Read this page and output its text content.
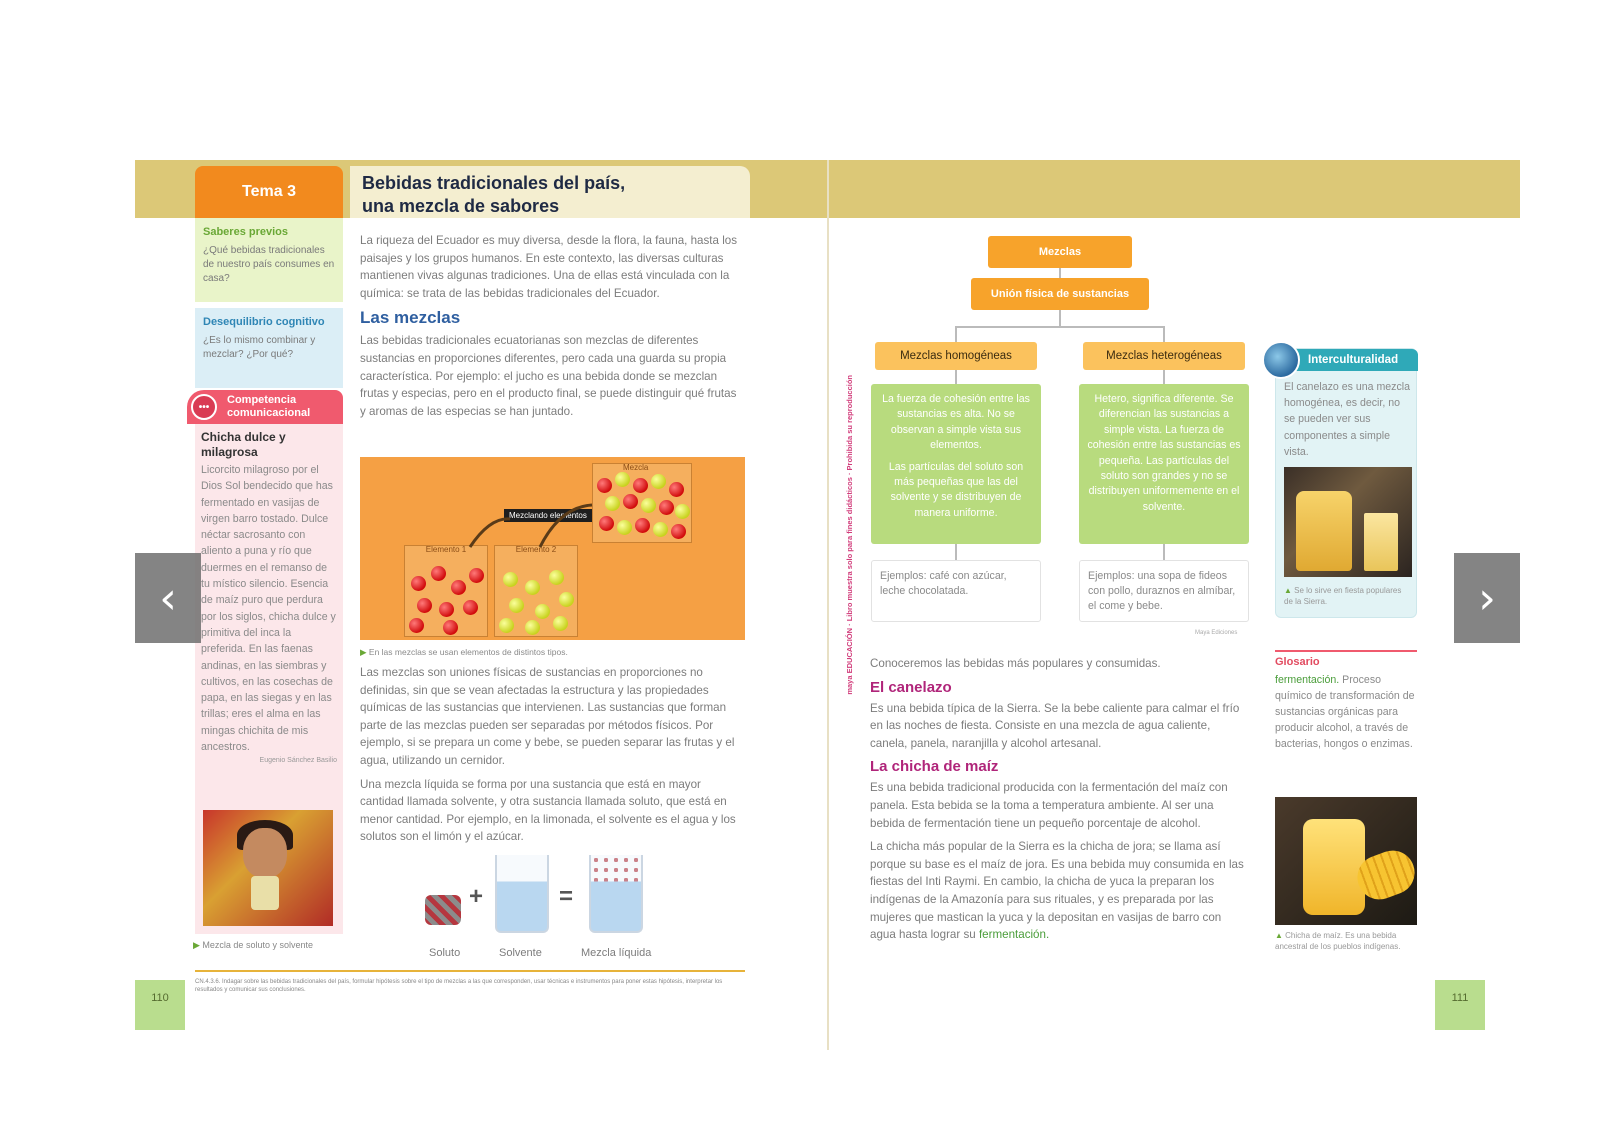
Tema 3	Bebidas tradicionales del país,
una mezcla de sabores
Saberes previos
¿Qué bebidas tradicionales de nuestro país consumes en casa?
Desequilibrio cognitivo
¿Es lo mismo combinar y mezclar? ¿Por qué?
•••
Competencia comunicacional
Chicha dulce y milagrosa
Licorcito milagroso por el Dios Sol bendecido que has fermentado en vasijas de virgen barro tostado. Dulce néctar sacrosanto con aliento a puna y río que duermes en el remanso de tu místico silencio. Esencia de maíz puro que perdura por los siglos, chicha dulce y primitiva del inca la preferida. En las faenas andinas, en las siembras y cultivos, en las cosechas de papa, en las siegas y en las trillas; eres el alma en las mingas chichita de mis ancestros.
Eugenio Sánchez Basilio
▶ Mezcla de soluto y solvente
La riqueza del Ecuador es muy diversa, desde la flora, la fauna, hasta los paisajes y los grupos humanos. En este contexto, las diversas culturas mantienen vivas algunas tradiciones. Una de ellas está vinculada con la química: se trata de las bebidas tradicionales del Ecuador.
Las mezclas
Las bebidas tradicionales ecuatorianas son mezclas de diferentes sustancias en proporciones diferentes, pero cada una guarda su propia característica. Por ejemplo: el jucho es una bebida donde se mezclan frutas y especias, pero en el producto final, se puede distinguir qué frutas y aromas de las especias se han juntado.
Elemento 1	Elemento 2
Mezclando elementos
Mezcla
▶ En las mezclas se usan elementos de distintos tipos.
Las mezclas son uniones físicas de sustancias en proporciones no definidas, sin que se vean afectadas la estructura y las propiedades químicas de las sustancias que intervienen. Las sustancias que forman parte de las mezclas pueden ser separadas por métodos físicos. Por ejemplo, si se prepara un come y bebe, se pueden separar las frutas y el agua, utilizando un cernidor.
Una mezcla líquida se forma por una sustancia que está en mayor cantidad llamada solvente, y otra sustancia llamada soluto, que está en menor cantidad. Por ejemplo, en la limonada, el solvente es el agua y los solutos son el limón y el azúcar.
+	=
Soluto	Solvente	Mezcla líquida
CN.4.3.6. Indagar sobre las bebidas tradicionales del país, formular hipótesis sobre el tipo de mezclas a las que corresponden, usar técnicas e instrumentos para poner estas hipótesis, interpretar los resultados y comunicar sus conclusiones.
110
maya EDUCACIÓN · Libro muestra solo para fines didácticos · Prohibida su reproducción
Mezclas
Unión física de sustancias
Mezclas homogéneas	Mezclas heterogéneas

La fuerza de cohesión entre las sustancias es alta. No se observan a simple vista sus elementos.

Las partículas del soluto son más pequeñas que las del solvente y se distribuyen de manera uniforme.

Hetero, significa diferente. Se diferencian las sustancias a simple vista. La fuerza de cohesión entre las sustancias es pequeña. Las partículas del soluto son grandes y no se distribuyen uniformemente en el solvente.

Ejemplos: café con azúcar, leche chocolatada.
Ejemplos: una sopa de fideos con pollo, duraznos en almíbar, el come y bebe.
Maya Ediciones
Conoceremos las bebidas más populares y consumidas.
El canelazo
Es una bebida típica de la Sierra. Se la bebe caliente para calmar el frío en las noches de fiesta. Consiste en una mezcla de agua caliente, canela, panela, naranjilla y alcohol artesanal.
La chicha de maíz
Es una bebida tradicional producida con la fermentación del maíz con panela. Esta bebida se la toma a temperatura ambiente. Al ser una bebida de fermentación tiene un pequeño porcentaje de alcohol.
La chicha más popular de la Sierra es la chicha de jora; se llama así porque su base es el maíz de jora. Es una bebida muy consumida en las fiestas del Inti Raymi. En cambio, la chicha de yuca la preparan los indígenas de la Amazonía para sus rituales, y es preparada por las mujeres que mastican la yuca y la depositan en vasijas de barro con agua hasta lograr su fermentación.
Interculturalidad
El canelazo es una mezcla homogénea, es decir, no se pueden ver sus componentes a simple vista.
▲ Se lo sirve en fiesta populares de la Sierra.
Glosario
fermentación. Proceso químico de transformación de sustancias orgánicas para producir alcohol, a través de bacterias, hongos o enzimas.
▲ Chicha de maíz. Es una bebida ancestral de los pueblos indígenas.
111
‹	›
